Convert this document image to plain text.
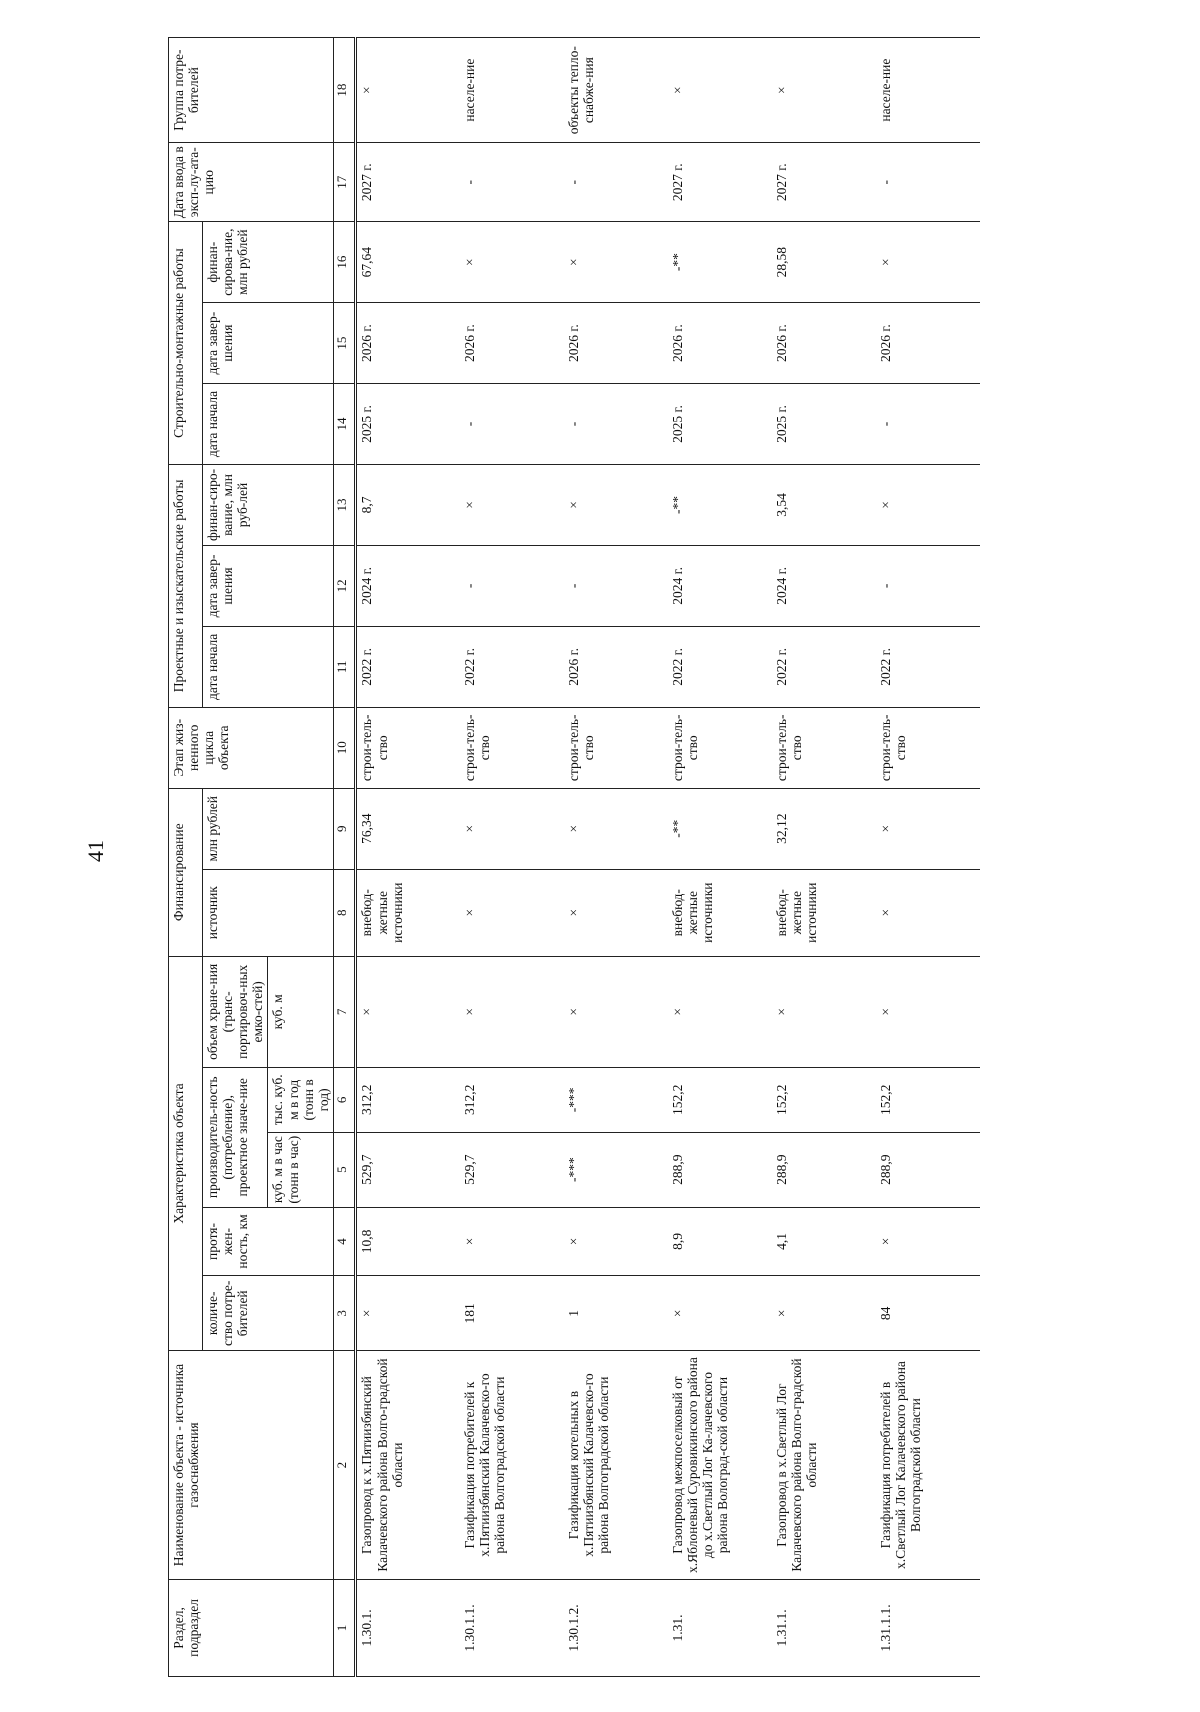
41
Раздел, подраздел	Наименование объекта - источника газоснабжения	Характеристика объекта					Финансирование		Этап жиз-ненного цикла объекта	Проектные и изыскательские работы			Строительно-монтажные работы			Дата ввода в эксп-лу-ата-цию	Группа потре-бителей
		количе-ство потре-бителей	протя-жен-ность, км	производитель-ность (потребление), проектное значе-ние		объем хране-ния (транс-портировоч-ных емко-стей)	источник	млн рублей		дата начала	дата завер-шения	финан-сиро-вание, млн руб-лей	дата начала	дата завер-шения	финан-сирова-ние, млн рублей		
				куб. м в час (тонн в час)	тыс. куб. м в год (тонн в год)	куб. м											
1	2	3	4	5	6	7	8	9	10	11	12	13	14	15	16	17	18
1.30.1.	Газопровод к х.Пятиизбянский Калачевского района Волго-градской области	×	10,8	529,7	312,2	×	внебюд-жетные источники	76,34	строи-тель-ство	2022 г.	2024 г.	8,7	2025 г.	2026 г.	67,64	2027 г.	×
1.30.1.1.	Газификация потребителей к х.Пятиизбянский Калачевско-го района Волгоградской области	181	×	529,7	312,2	×	×	×	строи-тель-ство	2022 г.	-	×	-	2026 г.	×	-	населе-ние
1.30.1.2.	Газификация котельных в х.Пятиизбянский Калачевско-го района Волгоградской области	1	×	-***	-***	×	×	×	строи-тель-ство	2026 г.	-	×	-	2026 г.	×	-	объекты тепло-снабже-ния
1.31.	Газопровод межпоселковый от х.Яблоневый Суровикинского района до х.Светлый Лог Ка-лачевского района Волоград-ской области	×	8,9	288,9	152,2	×	внебюд-жетные источники	-**	строи-тель-ство	2022 г.	2024 г.	-**	2025 г.	2026 г.	-**	2027 г.	×
1.31.1.	Газопровод в х.Светлый Лог Калачевского района Волго-градской области	×	4,1	288,9	152,2	×	внебюд-жетные источники	32,12	строи-тель-ство	2022 г.	2024 г.	3,54	2025 г.	2026 г.	28,58	2027 г.	×
1.31.1.1.	Газификация потребителей в х.Светлый Лог Калачевского района Волгоградской области	84	×	288,9	152,2	×	×	×	строи-тель-ство	2022 г.	-	×	-	2026 г.	×	-	населе-ние
